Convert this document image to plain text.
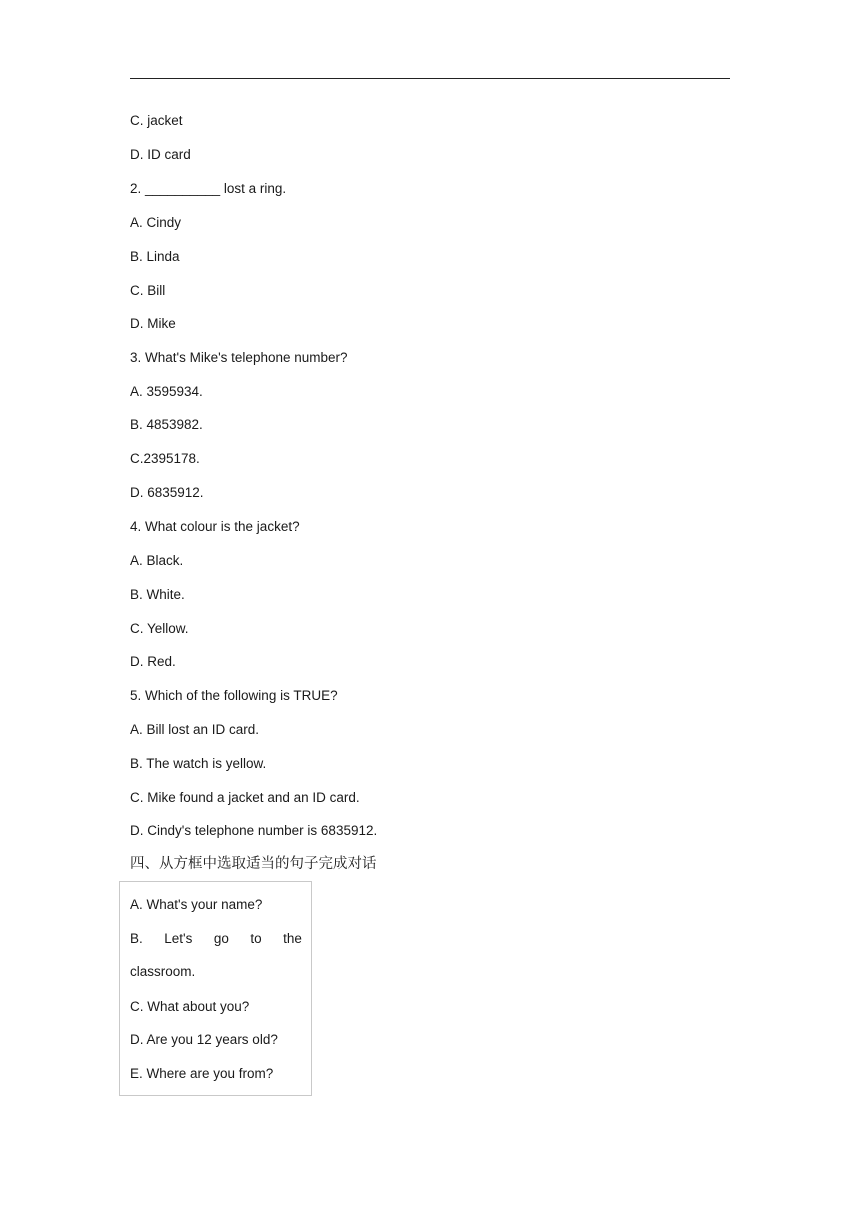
C. jacket
D. ID card
2. __________ lost a ring.
A. Cindy
B. Linda
C. Bill
D. Mike
3. What's Mike's telephone number?
A. 3595934.
B. 4853982.
C.2395178.
D. 6835912.
4. What colour is the jacket?
A. Black.
B. White.
C. Yellow.
D. Red.
5. Which of the following is TRUE?
A. Bill lost an ID card.
B. The watch is yellow.
C. Mike found a jacket and an ID card.
D. Cindy's telephone number is 6835912.
四、从方框中选取适当的句子完成对话
A. What's your name?
B. Let's go to the
classroom.
C. What about you?
D. Are you 12 years old?
E. Where are you from?
